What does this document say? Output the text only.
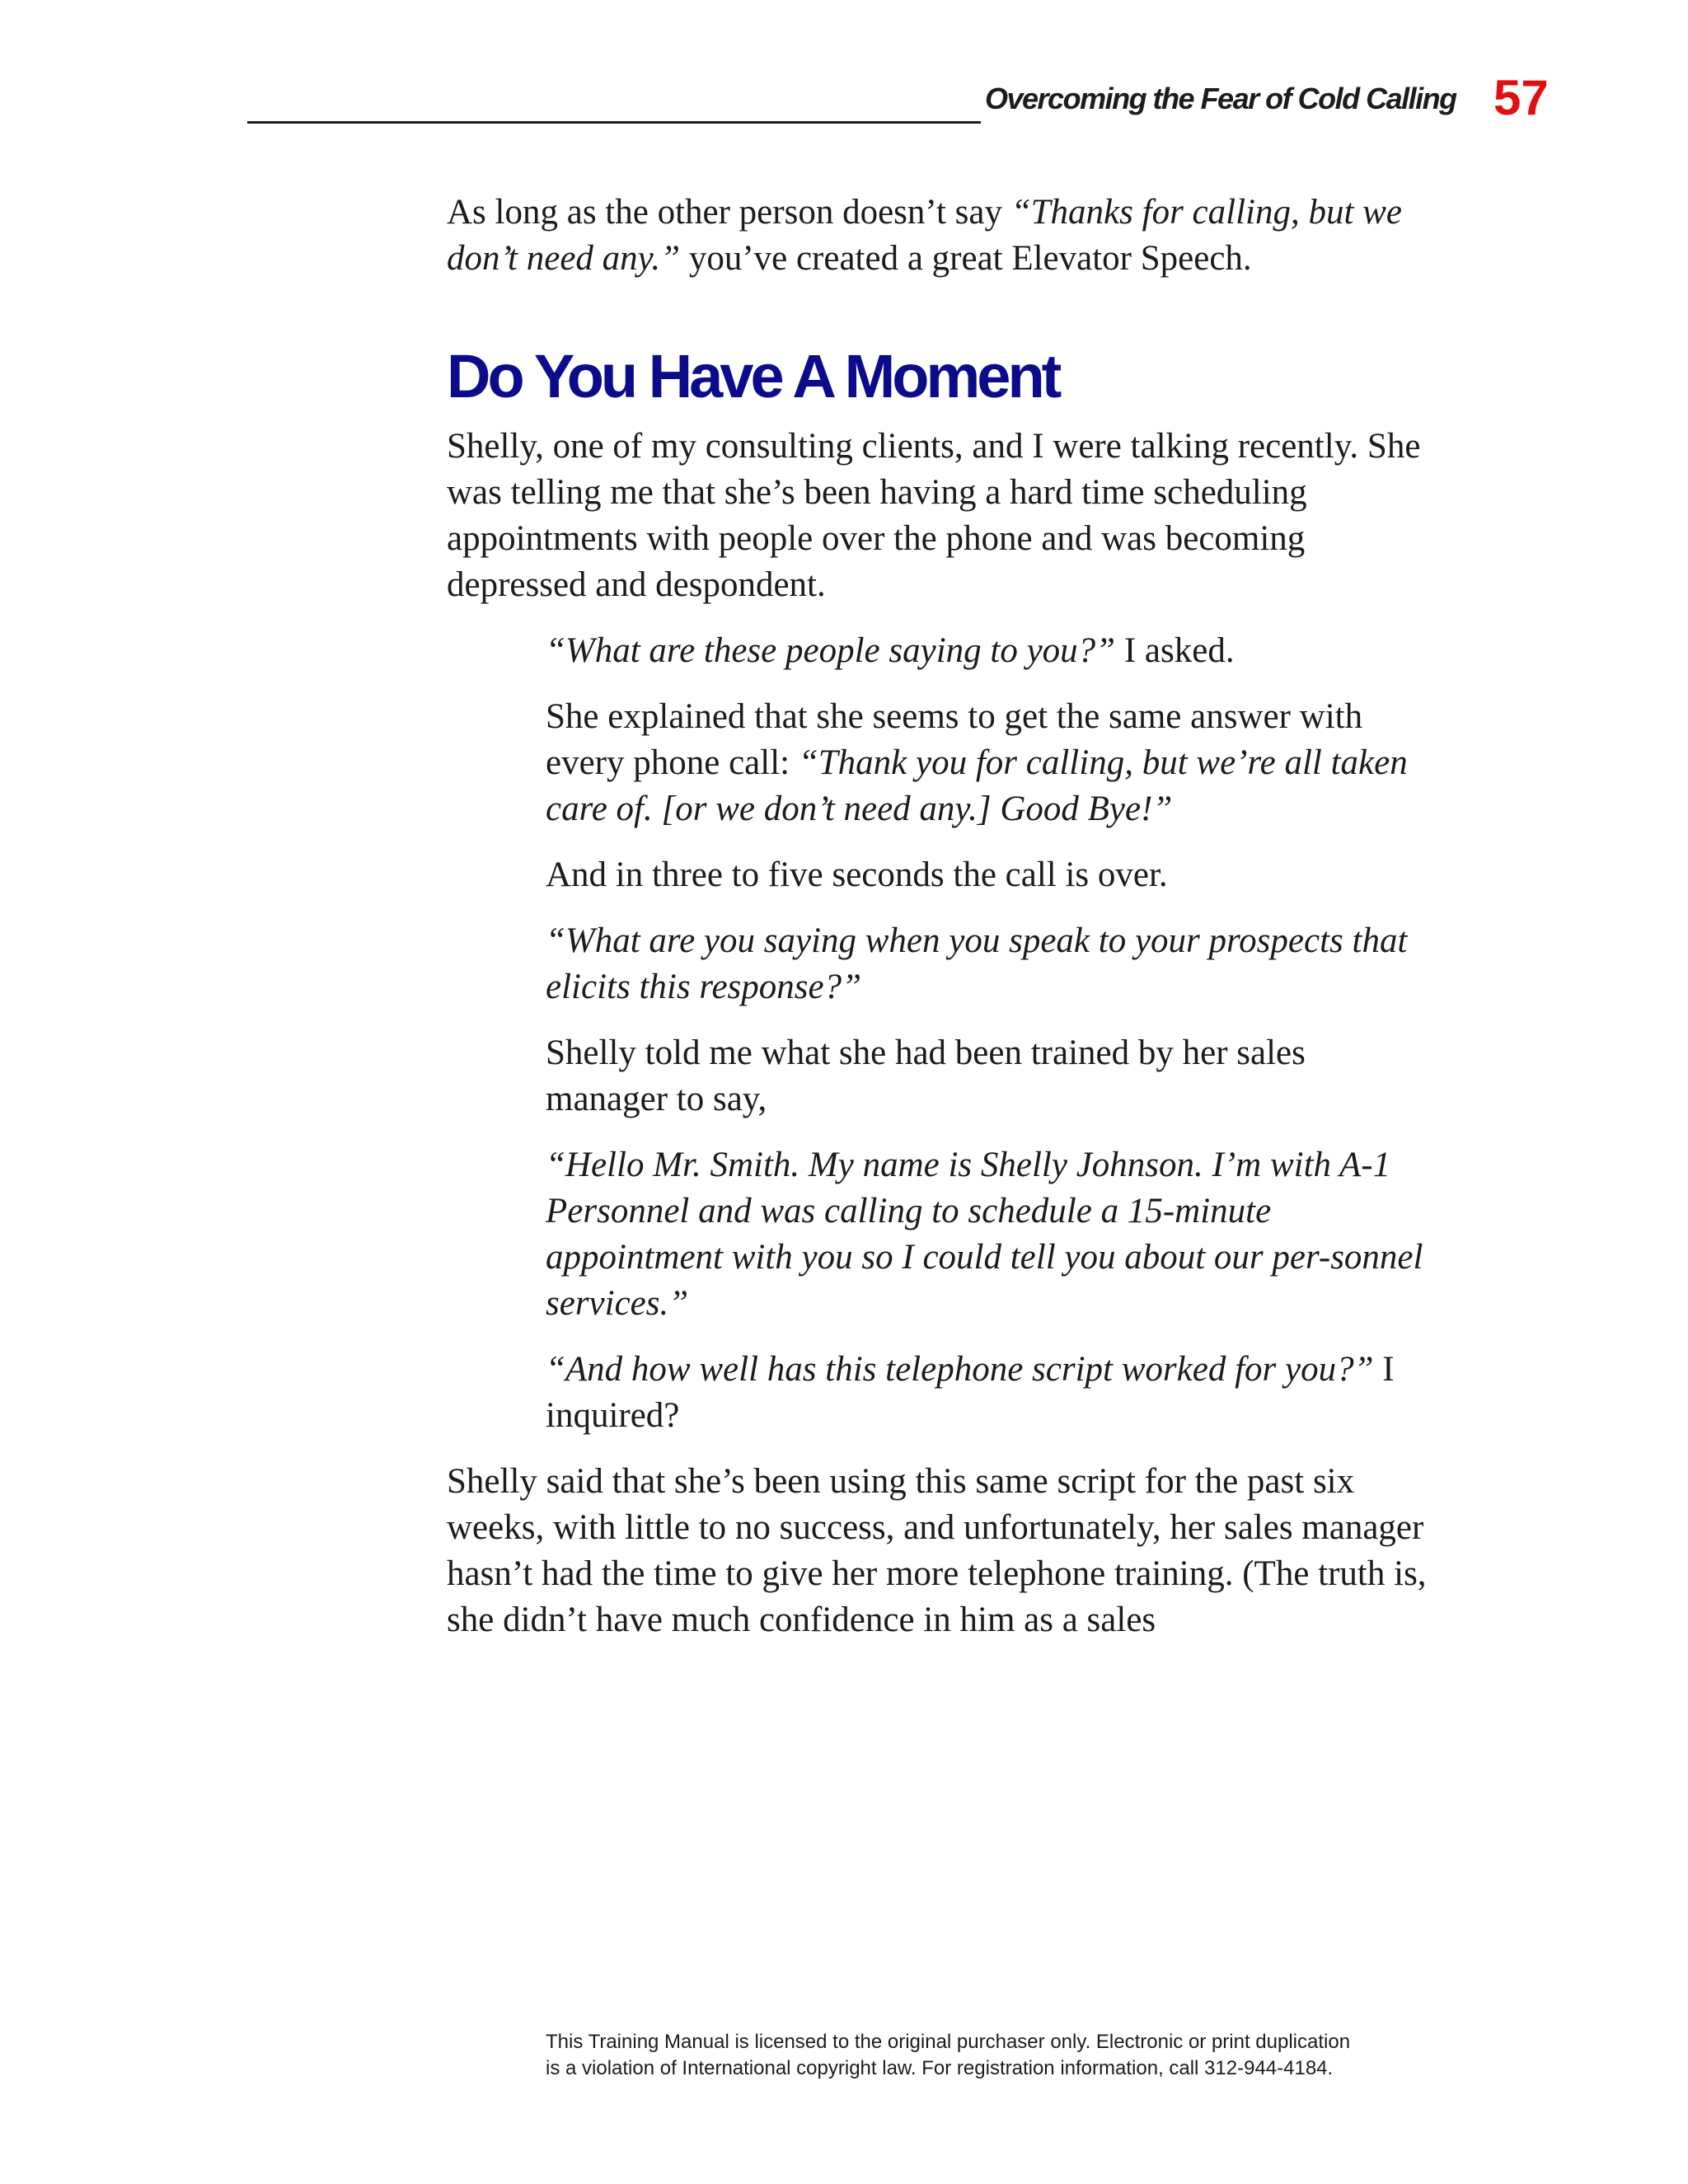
Overcoming the Fear of Cold Calling 57

As long as the other person doesn’t say “Thanks for calling, but we don’t need any.” you’ve created a great Elevator Speech.

Do You Have A Moment

Shelly, one of my consulting clients, and I were talking recently. She was telling me that she’s been having a hard time scheduling appointments with people over the phone and was becoming depressed and despondent.

“What are these people saying to you?” I asked.

She explained that she seems to get the same answer with every phone call: “Thank you for calling, but we’re all taken care of. [or we don’t need any.] Good Bye!”

And in three to five seconds the call is over.

“What are you saying when you speak to your prospects that elicits this response?”

Shelly told me what she had been trained by her sales manager to say,

“Hello Mr. Smith. My name is Shelly Johnson. I’m with A-1 Personnel and was calling to schedule a 15-minute appointment with you so I could tell you about our per-sonnel services.”

“And how well has this telephone script worked for you?” I inquired?

Shelly said that she’s been using this same script for the past six weeks, with little to no success, and unfortunately, her sales manager hasn’t had the time to give her more telephone training. (The truth is, she didn’t have much confidence in him as a sales

This Training Manual is licensed to the original purchaser only. Electronic or print duplication
is a violation of International copyright law. For registration information, call 312-944-4184.
